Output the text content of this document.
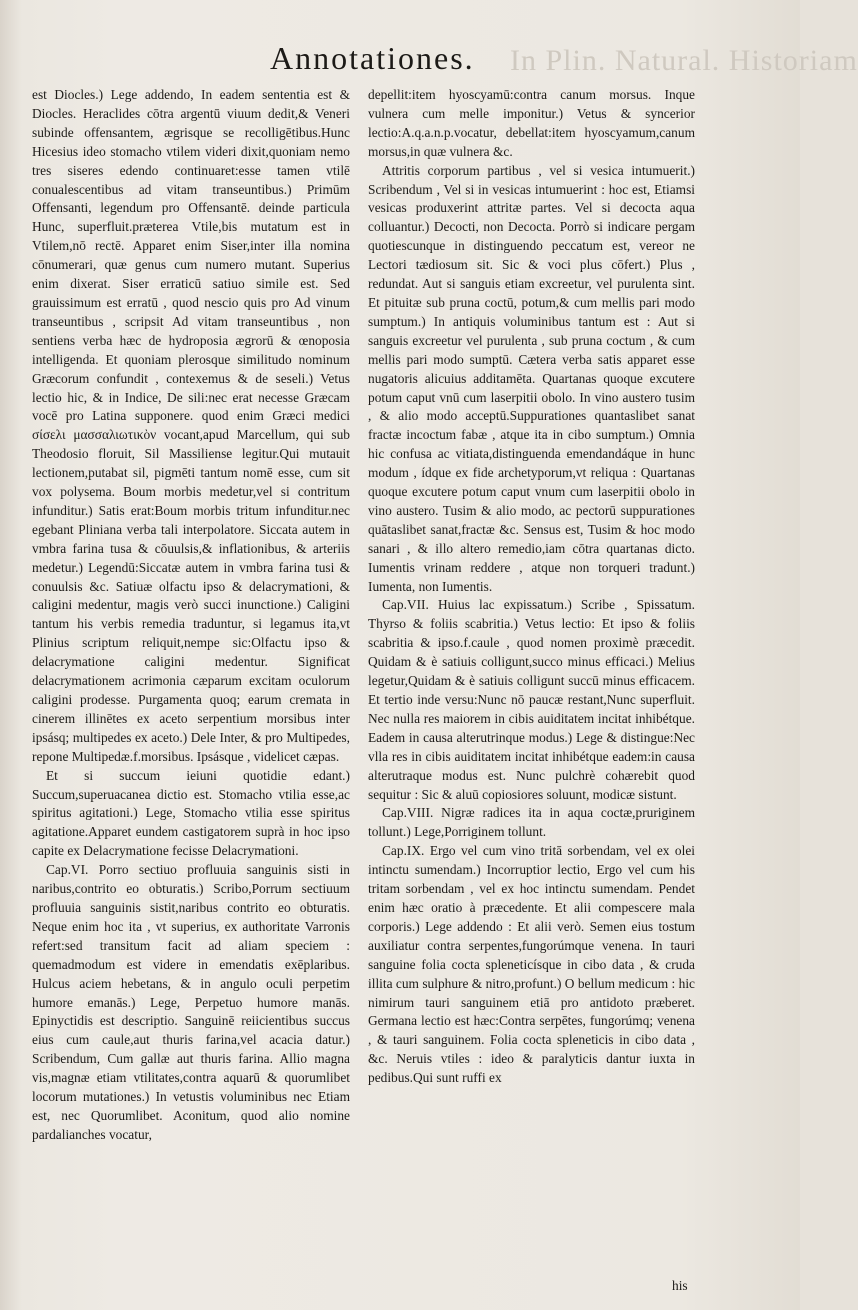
In Plin. Natural. Historiam
Annotationes.

est Diocles.) Lege addendo, In eadem sententia est & Diocles. Heraclides cōtra argentū viuum dedit,& Veneri subinde offensantem, ægrisque se recolligētibus.Hunc Hicesius ideo stomacho vtilem videri dixit,quoniam nemo tres siseres edendo continuaret:esse tamen vtilē conualescentibus ad vitam transeuntibus.) Primūm Offensanti, legendum pro Offensantē. deinde particula Hunc, superfluit.præterea Vtile,bis mutatum est in Vtilem,nō rectē. Apparet enim Siser,inter illa nomina cōnumerari, quæ genus cum numero mutant. Superius enim dixerat. Siser erraticū satiuo simile est. Sed grauissimum est erratū , quod nescio quis pro Ad vinum transeuntibus , scripsit Ad vitam transeuntibus , non sentiens verba hæc de hydroposia ægrorū & œnoposia intelligenda. Et quoniam plerosque similitudo nominum Græcorum confundit , contexemus & de seseli.) Vetus lectio hic, & in Indice, De sili:nec erat necesse Græcam vocē pro Latina supponere. quod enim Græci medici σίσελι μασσαλιωτικὸν vocant,apud Marcellum, qui sub Theodosio floruit, Sil Massiliense legitur.Qui mutauit lectionem,putabat sil, pigmēti tantum nomē esse, cum sit vox polysema. Boum morbis medetur,vel si contritum infunditur.) Satis erat:Boum morbis tritum infunditur.nec egebant Pliniana verba tali interpolatore. Siccata autem in vmbra farina tusa & cōuulsis,& inflationibus, & arteriis medetur.) Legendū:Siccatæ autem in vmbra farina tusi & conuulsis &c. Satiuæ olfactu ipso & delacrymationi, & caligini medentur, magis verò succi inunctione.) Caligini tantum his verbis remedia traduntur, si legamus ita,vt Plinius scriptum reliquit,nempe sic:Olfactu ipso & delacrymatione caligini medentur. Significat delacrymationem acrimonia cæparum excitam oculorum caligini prodesse. Purgamenta quoq; earum cremata in cinerem illinētes ex aceto serpentium morsibus inter ipsásq; multipedes ex aceto.) Dele Inter, & pro Multipedes, repone Multipedæ.f.morsibus. Ipsásque , videlicet cæpas.

Et si succum ieiuni quotidie edant.) Succum,superuacanea dictio est. Stomacho vtilia esse,ac spiritus agitationi.) Lege, Stomacho vtilia esse spiritus agitatione.Apparet eundem castigatorem suprà in hoc ipso capite ex Delacrymatione fecisse Delacrymationi.

Cap.VI. Porro sectiuo profluuia sanguinis sisti in naribus,contrito eo obturatis.) Scribo,Porrum sectiuum profluuia sanguinis sistit,naribus contrito eo obturatis. Neque enim hoc ita , vt superius, ex authoritate Varronis refert:sed transitum facit ad aliam speciem : quemadmodum est videre in emendatis exēplaribus. Hulcus aciem hebetans, & in angulo oculi perpetim humore emanās.) Lege, Perpetuo humore manās. Epinyctidis est descriptio. Sanguinē reiicientibus succus eius cum caule,aut thuris farina,vel acacia datur.) Scribendum, Cum gallæ aut thuris farina. Allio magna vis,magnæ etiam vtilitates,contra aquarū & quorumlibet locorum mutationes.) In vetustis voluminibus nec Etiam est, nec Quorumlibet. Aconitum, quod alio nomine pardalianches vocatur,

depellit:item hyoscyamū:contra canum morsus. Inque vulnera cum melle imponitur.) Vetus & syncerior lectio:A.q.a.n.p.vocatur, debellat:item hyoscyamum,canum morsus,in quæ vulnera &c.

Attritis corporum partibus , vel si vesica intumuerit.) Scribendum , Vel si in vesicas intumuerint : hoc est, Etiamsi vesicas produxerint attritæ partes. Vel si decocta aqua colluantur.) Decocti, non Decocta. Porrò si indicare pergam quotiescunque in distinguendo peccatum est, vereor ne Lectori tædiosum sit. Sic & voci plus cōfert.) Plus , redundat. Aut si sanguis etiam excreetur, vel purulenta sint. Et pituitæ sub pruna coctū, potum,& cum mellis pari modo sumptum.) In antiquis voluminibus tantum est : Aut si sanguis excreetur vel purulenta , sub pruna coctum , & cum mellis pari modo sumptū. Cætera verba satis apparet esse nugatoris alicuius additamēta. Quartanas quoque excutere potum caput vnū cum laserpitii obolo. In vino austero tusim , & alio modo acceptū.Suppurationes quantaslibet sanat fractæ incoctum fabæ , atque ita in cibo sumptum.) Omnia hic confusa ac vitiata,distinguenda emendandáque in hunc modum , ídque ex fide archetyporum,vt reliqua : Quartanas quoque excutere potum caput vnum cum laserpitii obolo in vino austero. Tusim & alio modo, ac pectorū suppurationes quātaslibet sanat,fractæ &c. Sensus est, Tusim & hoc modo sanari , & illo altero remedio,iam cōtra quartanas dicto. Iumentis vrinam reddere , atque non torqueri tradunt.) Iumenta, non Iumentis.

Cap.VII. Huius lac expissatum.) Scribe , Spissatum. Thyrso & foliis scabritia.) Vetus lectio: Et ipso & foliis scabritia & ipso.f.caule , quod nomen proximè præcedit. Quidam & è satiuis colligunt,succo minus efficaci.) Melius legetur,Quidam & è satiuis colligunt succū minus efficacem. Et tertio inde versu:Nunc nō paucæ restant,Nunc superfluit. Nec nulla res maiorem in cibis auiditatem incitat inhibétque. Eadem in causa alterutrinque modus.) Lege & distingue:Nec vlla res in cibis auiditatem incitat inhibétque eadem:in causa alterutraque modus est. Nunc pulchrè cohærebit quod sequitur : Sic & aluū copiosiores soluunt, modicæ sistunt.

Cap.VIII. Nigræ radices ita in aqua coctæ,pruriginem tollunt.) Lege,Porriginem tollunt.

Cap.IX. Ergo vel cum vino tritā sorbendam, vel ex olei intinctu sumendam.) Incorruptior lectio, Ergo vel cum his tritam sorbendam , vel ex hoc intinctu sumendam. Pendet enim hæc oratio à præcedente. Et alii compescere mala corporis.) Lege addendo : Et alii verò. Semen eius tostum auxiliatur contra serpentes,fungorúmque venena. In tauri sanguine folia cocta spleneticísque in cibo data , & cruda illita cum sulphure & nitro,profunt.) O bellum medicum : hic nimirum tauri sanguinem etiā pro antidoto præberet. Germana lectio est hæc:Contra serpētes, fungorúmq; venena , & tauri sanguinem. Folia cocta spleneticis in cibo data , &c. Neruis vtiles : ideo & paralyticis dantur iuxta in pedibus.Qui sunt ruffi ex

his
